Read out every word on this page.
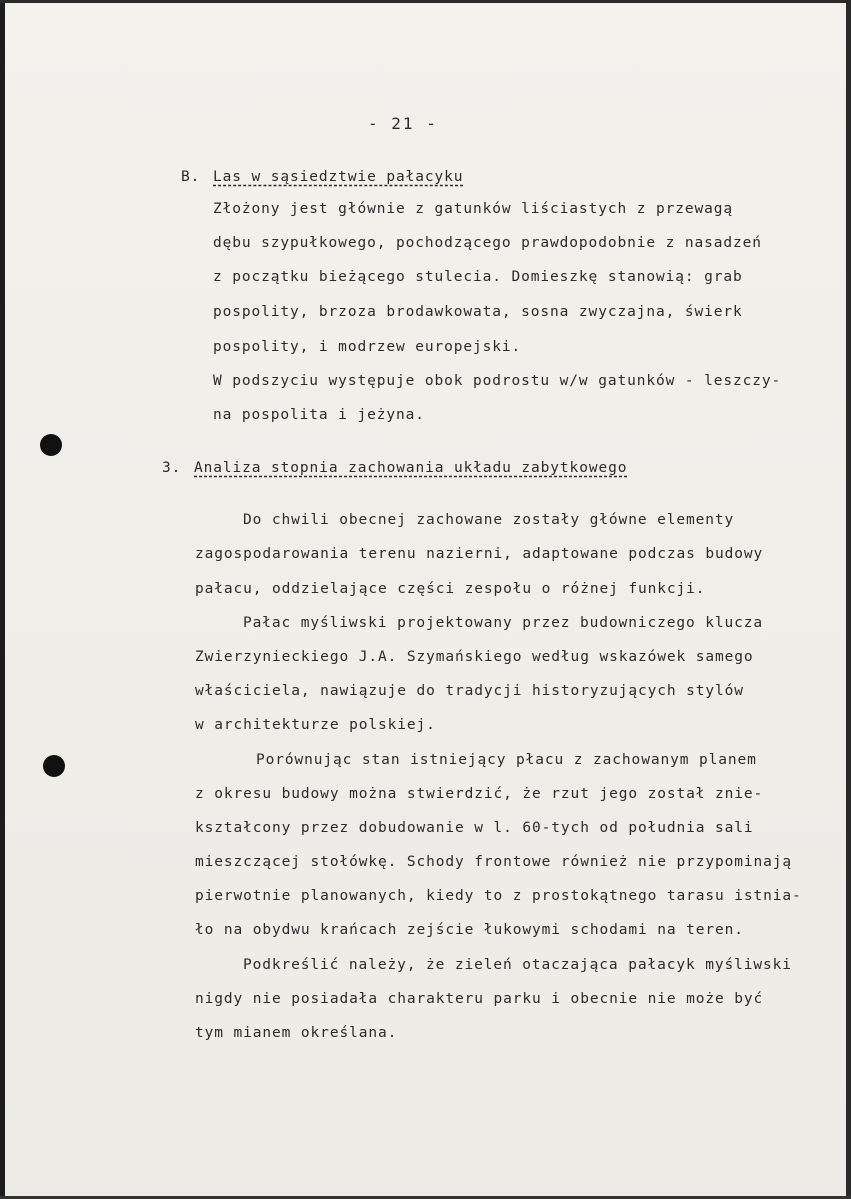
- 21 -
B. Las w sąsiedztwie pałacyku
Złożony jest głównie z gatunków liściastych z przewagą
dębu szypułkowego, pochodzącego prawdopodobnie z nasadzeń
z początku bieżącego stulecia. Domieszkę stanowią: grab
pospolity, brzoza brodawkowata, sosna zwyczajna, świerk
pospolity, i modrzew europejski.
W podszyciu występuje obok podrostu w/w gatunków - leszczy-
na pospolita i jeżyna.
3. Analiza stopnia zachowania układu zabytkowego
Do chwili obecnej zachowane zostały główne elementy
zagospodarowania terenu nazierni, adaptowane podczas budowy
pałacu, oddzielające części zespołu o różnej funkcji.
Pałac myśliwski projektowany przez budowniczego klucza
Zwierzynieckiego J.A. Szymańskiego według wskazówek samego
właściciela, nawiązuje do tradycji historyzujących stylów
w architekturze polskiej.
Porównując stan istniejący płacu z zachowanym planem
z okresu budowy można stwierdzić, że rzut jego został znie-
kształcony przez dobudowanie w l. 60-tych od południa sali
mieszczącej stołówkę. Schody frontowe również nie przypominają
pierwotnie planowanych, kiedy to z prostokątnego tarasu istnia-
ło na obydwu krańcach zejście łukowymi schodami na teren.
Podkreślić należy, że zieleń otaczająca pałacyk myśliwski
nigdy nie posiadała charakteru parku i obecnie nie może być
tym mianem określana.
